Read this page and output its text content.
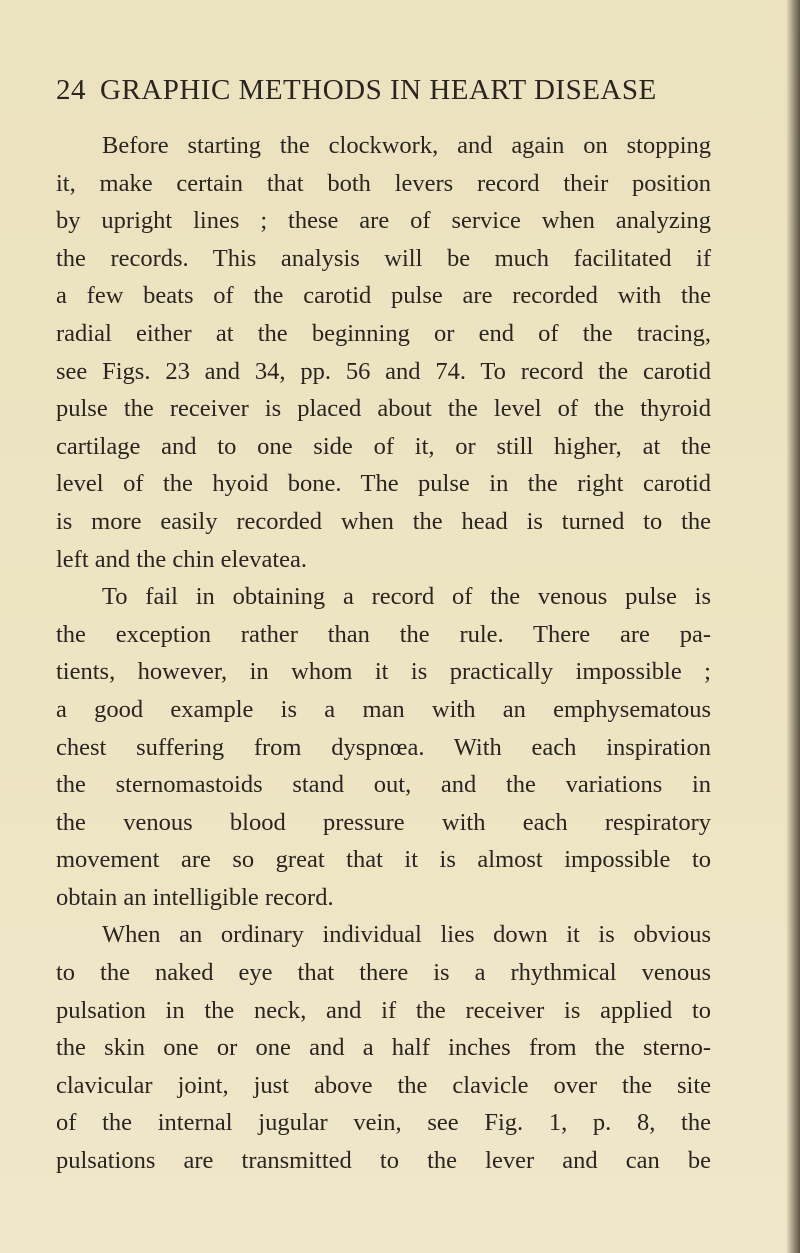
24 GRAPHIC METHODS IN HEART DISEASE
Before starting the clockwork, and again on stopping
it, make certain that both levers record their position
by upright lines ; these are of service when analyzing
the records. This analysis will be much facilitated if
a few beats of the carotid pulse are recorded with the
radial either at the beginning or end of the tracing,
see Figs. 23 and 34, pp. 56 and 74. To record the carotid
pulse the receiver is placed about the level of the thyroid
cartilage and to one side of it, or still higher, at the
level of the hyoid bone. The pulse in the right carotid
is more easily recorded when the head is turned to the
left and the chin elevatea.
To fail in obtaining a record of the venous pulse is
the exception rather than the rule. There are pa-
tients, however, in whom it is practically impossible ;
a good example is a man with an emphysematous
chest suffering from dyspnœa. With each inspiration
the sternomastoids stand out, and the variations in
the venous blood pressure with each respiratory
movement are so great that it is almost impossible to
obtain an intelligible record.
When an ordinary individual lies down it is obvious
to the naked eye that there is a rhythmical venous
pulsation in the neck, and if the receiver is applied to
the skin one or one and a half inches from the sterno-
clavicular joint, just above the clavicle over the site
of the internal jugular vein, see Fig. 1, p. 8, the
pulsations are transmitted to the lever and can be
